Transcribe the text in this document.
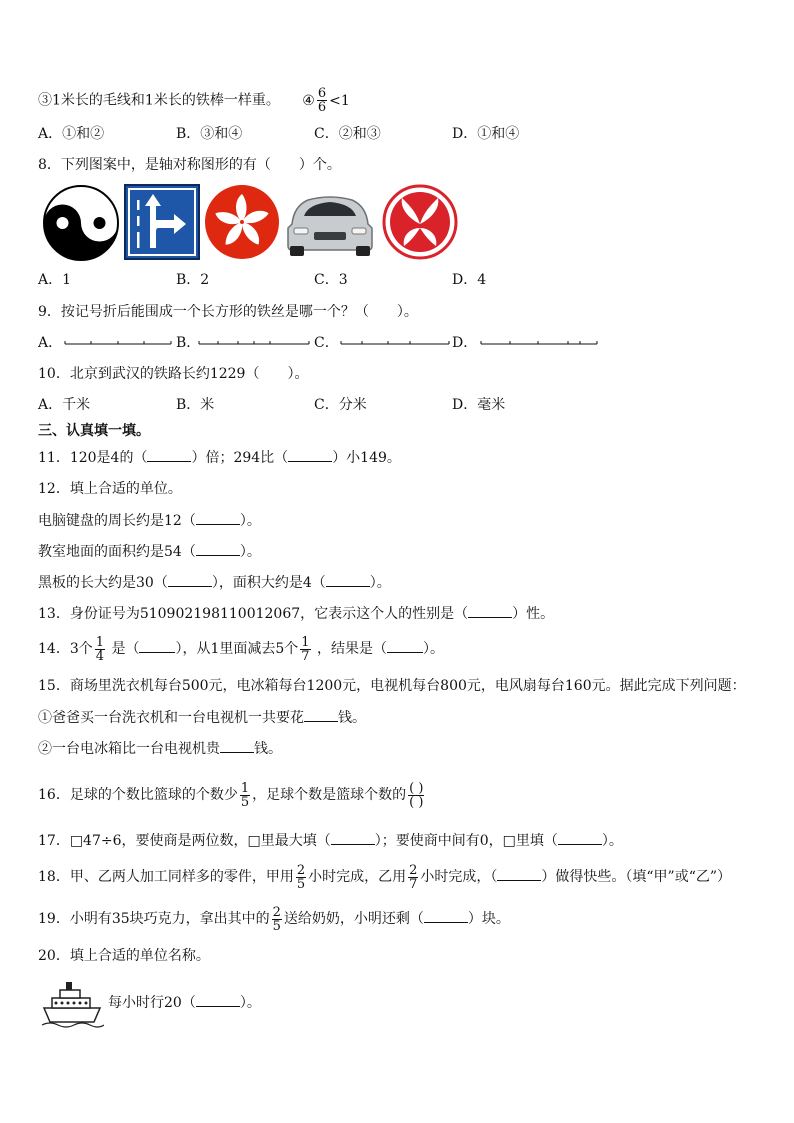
③1米长的毛线和1米长的铁棒一样重。 ④ $\frac{6}{6} <1$
A．①和②	B．③和④	C．②和③	D．①和④
8．下列图案中，是轴对称图形的有（　　）个。
A．1	B．2	C．3	D．4
9．按记号折后能围成一个长方形的铁丝是哪一个？（　　）。
A．	B．	C．	D．
10．北京到武汉的铁路长约1229（　　）。
A．千米	B．米	C．分米	D．毫米
三、认真填一填。
11．120是4的（	）倍；294比（	）小149。
12．填上合适的单位。
电脑键盘的周长约是12（	）。
教室地面的面积约是54（	）。
黑板的长大约是30（	），面积大约是4（	）。
13．身份证号为510902198110012067，它表示这个人的性别是（	）性。
14．3个 $\frac{1}{4}$ 是（	），从1里面减去5个 $\frac{1}{7}$ ，结果是（	）。
15．商场里洗衣机每台500元，电冰箱每台1200元，电视机每台800元，电风扇每台160元。据此完成下列问题：
①爸爸买一台洗衣机和一台电视机一共要花 钱。
②一台电冰箱比一台电视机贵 钱。
16．足球的个数比篮球的个数少 $\frac{1}{5}$ ，足球个数是篮球个数的 $\frac{( )}{( )}$
17．□47÷6，要使商是两位数，□里最大填（	）；要使商中间有0，□里填（	）。
18．甲、乙两人加工同样多的零件，甲用 $\frac{2}{5}$ 小时完成，乙用 $\frac{2}{7}$ 小时完成，（	）做得快些。（填“甲”或“乙”）
19．小明有35块巧克力，拿出其中的 $\frac{2}{5}$ 送给奶奶，小明还剩（	）块。
20．填上合适的单位名称。
每小时行20（	）。
